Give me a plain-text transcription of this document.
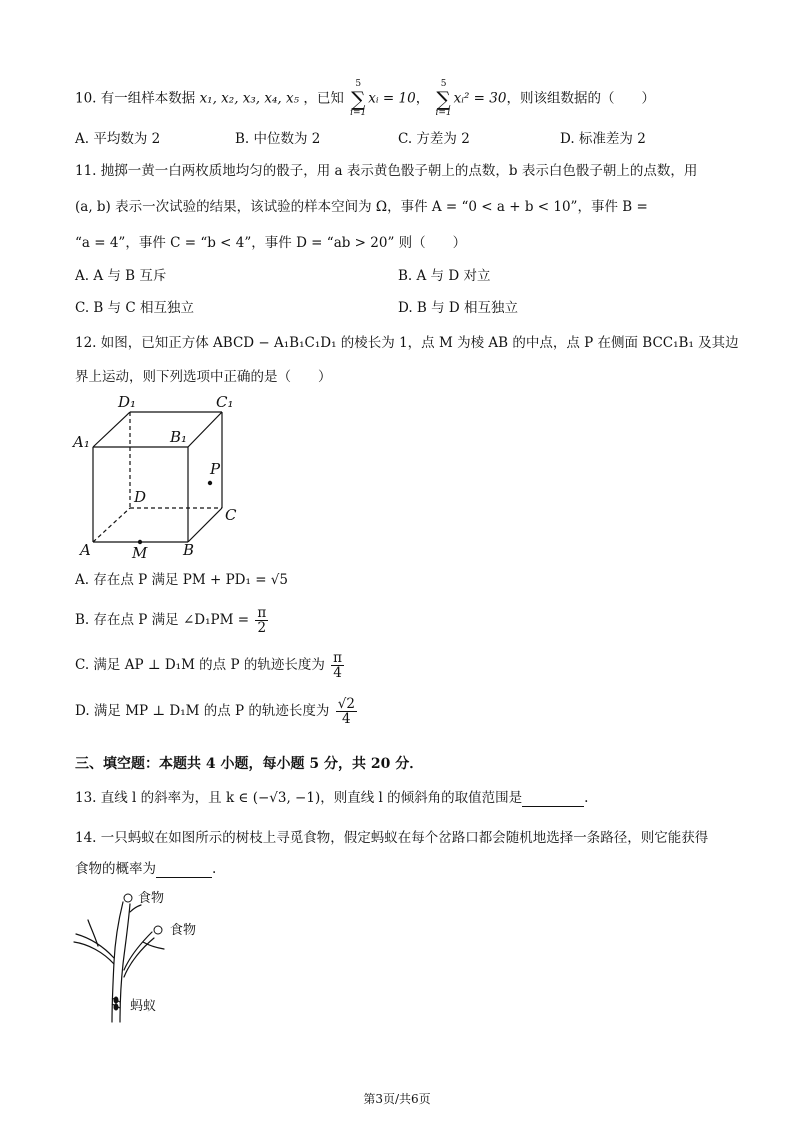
10. 有一组样本数据 x₁, x₂, x₃, x₄, x₅ ，已知
5
∑
i=1
xᵢ = 10，
5
∑
i=1
xᵢ² = 30，则该组数据的（　　）
A. 平均数为 2	B. 中位数为 2	C. 方差为 2	D. 标准差为 2
11. 抛掷一黄一白两枚质地均匀的骰子，用 a 表示黄色骰子朝上的点数，b 表示白色骰子朝上的点数，用
(a, b) 表示一次试验的结果，该试验的样本空间为 Ω，事件 A = “0 < a + b < 10”，事件 B =
“a = 4”，事件 C = “b < 4”，事件 D = “ab > 20” 则（　　）
A. A 与 B 互斥	B. A 与 D 对立
C. B 与 C 相互独立	D. B 与 D 相互独立
12. 如图，已知正方体 ABCD − A₁B₁C₁D₁ 的棱长为 1，点 M 为棱 AB 的中点，点 P 在侧面 BCC₁B₁ 及其边
界上运动，则下列选项中正确的是（　　）
D₁	C₁
A₁	B₁
P
D
C
A	M B
A. 存在点 P 满足 PM + PD₁ = √5
B. 存在点 P 满足 ∠D₁PM = $\frac{\pi}{2}$
C. 满足 AP ⊥ D₁M 的点 P 的轨迹长度为 $\frac{\pi}{4}$
D. 满足 MP ⊥ D₁M 的点 P 的轨迹长度为 $\frac{√2}{4}$
三、填空题：本题共 4 小题，每小题 5 分，共 20 分．
13. 直线 l 的斜率为，且 k ∈ (−√3, −1)，则直线 l 的倾斜角的取值范围是	.
14. 一只蚂蚁在如图所示的树枝上寻觅食物，假定蚂蚁在每个岔路口都会随机地选择一条路径，则它能获得
食物的概率为	.
食物
食物
蚂蚁
第3页/共6页
